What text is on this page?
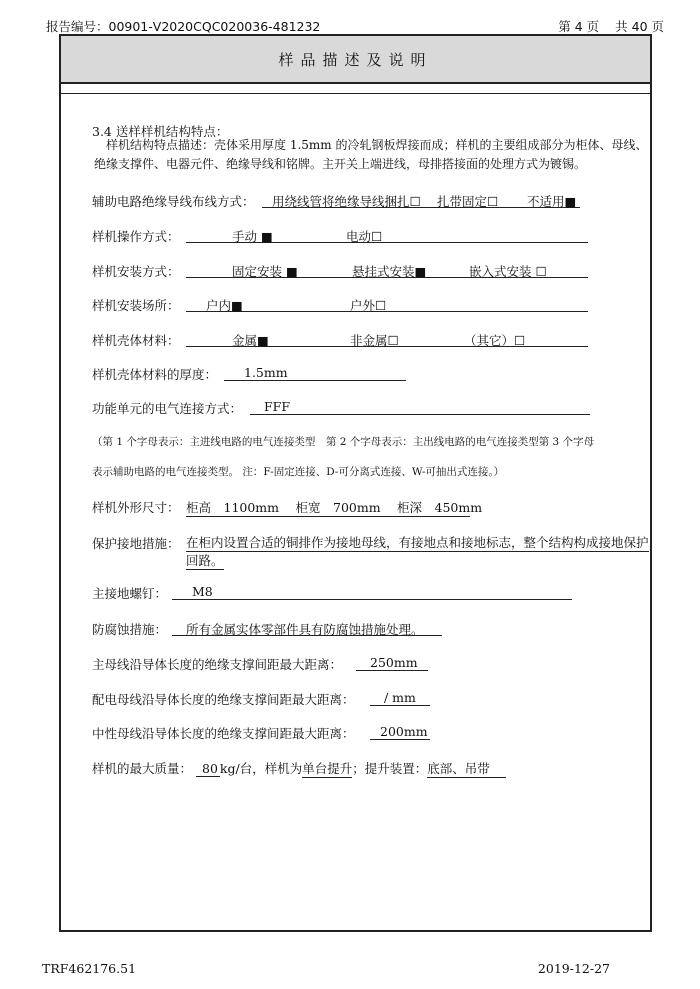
报告编号：00901-V2020CQC020036-481232	第 4 页 共 40 页
样品描述及说明
3.4 送样样机结构特点：
样机结构特点描述：壳体采用厚度 1.5mm 的冷轧钢板焊接而成；样机的主要组成部分为柜体、母线、
绝缘支撑件、电器元件、绝缘导线和铭牌。主开关上端进线，母排搭接面的处理方式为镀锡。
辅助电路绝缘导线布线方式： 用绕线管将绝缘导线捆扎☐ 扎带固定☐ 不适用■
样机操作方式：	手动 ■	电动☐
样机安装方式：	固定安装 ■	悬挂式安装■	嵌入式安装 ☐
样机安装场所： 户内■	户外☐
样机壳体材料：	金属■	非金属☐	（其它）☐
样机壳体材料的厚度： 1.5mm
功能单元的电气连接方式： FFF
（第 1 个字母表示：主进线电路的电气连接类型　第 2 个字母表示：主出线电路的电气连接类型第 3 个字母
表示辅助电路的电气连接类型。 注：F-固定连接、D-可分离式连接、W-可抽出式连接。）
样机外形尺寸： 柜高　1100mm　 柜宽　700mm　 柜深　450mm
保护接地措施： 在柜内设置合适的铜排作为接地母线，有接地点和接地标志，整个结构构成接地保护
回路。
主接地螺钉： M8
防腐蚀措施： 所有金属实体零部件具有防腐蚀措施处理。
主母线沿导体长度的绝缘支撑间距最大距离： 250mm
配电母线沿导体长度的绝缘支撑间距最大距离： / mm
中性母线沿导体长度的绝缘支撑间距最大距离： 200mm
样机的最大质量： 80 kg/台，样机为单台提升；提升装置：底部、吊带
TRF462176.51	2019-12-27
